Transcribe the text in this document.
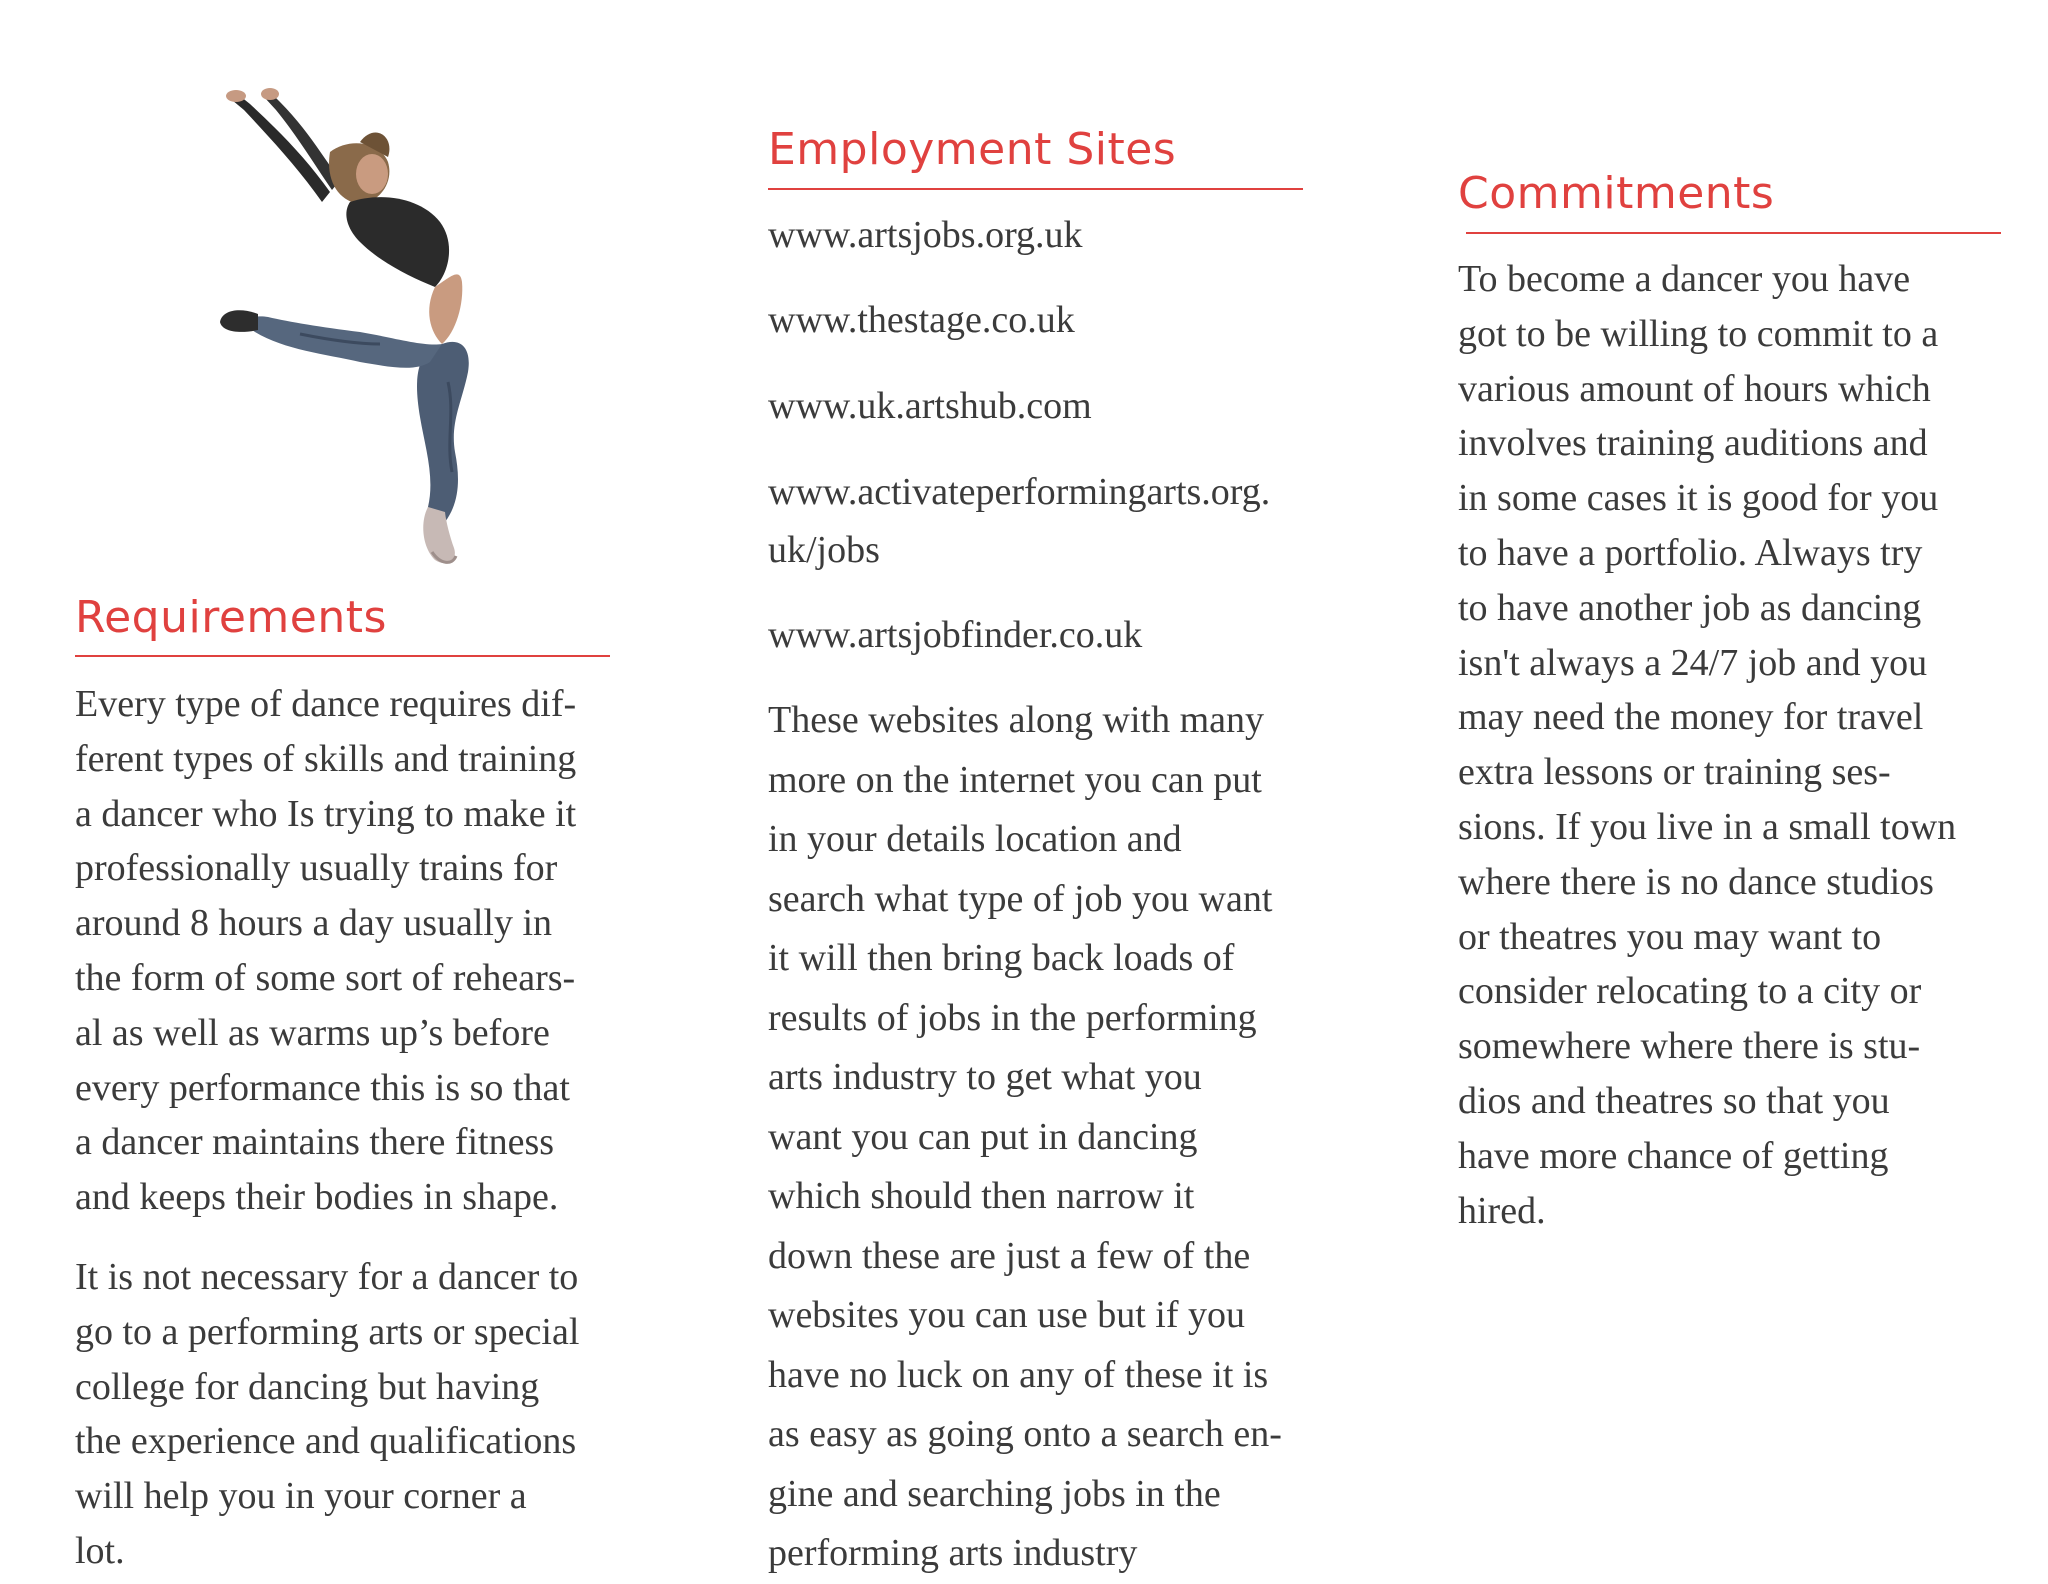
Requirements

Every type of dance requires dif-
ferent types of skills and training
a dancer who Is trying to make it
professionally usually trains for
around 8 hours a day usually in
the form of some sort of rehears-
al as well as warms up’s before
every performance this is so that
a dancer maintains there fitness
and keeps their bodies in shape.

It is not necessary for a dancer to
go to a performing arts or special
college for dancing but having
the experience and qualifications
will help you in your corner a
lot.

Employment Sites
www.artsjobs.org.uk
www.thestage.co.uk
www.uk.artshub.com
www.activateperformingarts.org.
uk/jobs
www.artsjobfinder.co.uk

These websites along with many
more on the internet you can put
in your details location and
search what type of job you want
it will then bring back loads of
results of jobs in the performing
arts industry to get what you
want you can put in dancing
which should then narrow it
down these are just a few of the
websites you can use but if you
have no luck on any of these it is
as easy as going onto a search en-
gine and searching jobs in the
performing arts industry

Commitments

To become a dancer you have
got to be willing to commit to a
various amount of hours which
involves training auditions and
in some cases it is good for you
to have a portfolio. Always try
to have another job as dancing
isn't always a 24/7 job and you
may need the money for travel
extra lessons or training ses-
sions. If you live in a small town
where there is no dance studios
or theatres you may want to
consider relocating to a city or
somewhere where there is stu-
dios and theatres so that you
have more chance of getting
hired.
